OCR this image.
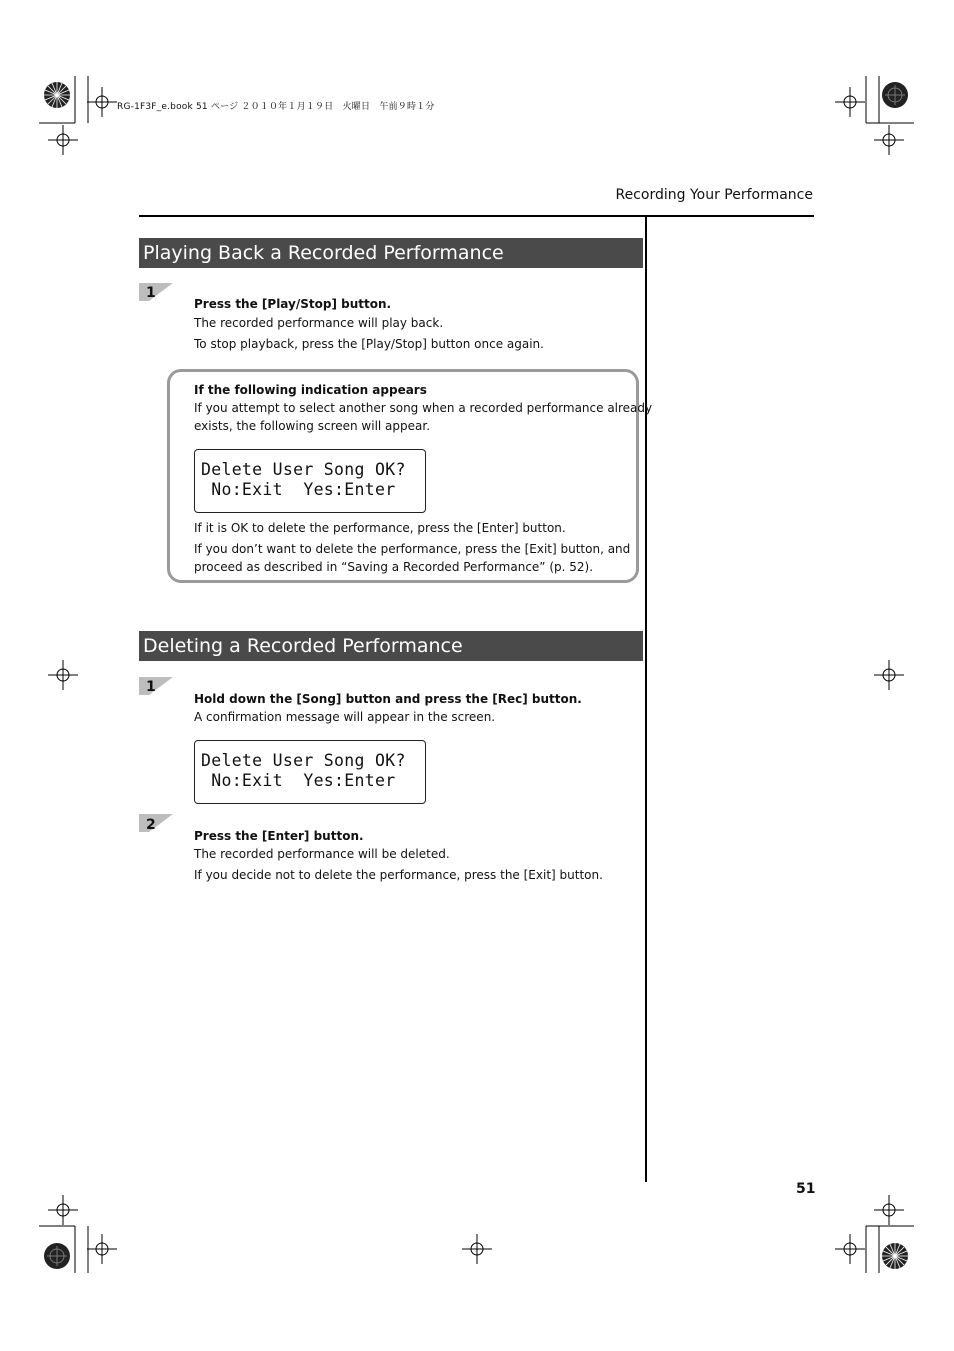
RG-1F3F_e.book 51 ページ ２０１０年１月１９日　火曜日　午前９時１分
Recording Your Performance
Playing Back a Recorded Performance
1
Press the [Play/Stop] button.
The recorded performance will play back.
To stop playback, press the [Play/Stop] button once again.
If the following indication appears
If you attempt to select another song when a recorded performance already
exists, the following screen will appear.
Delete User Song OK?
No:Exit  Yes:Enter
If it is OK to delete the performance, press the [Enter] button.
If you don’t want to delete the performance, press the [Exit] button, and
proceed as described in “Saving a Recorded Performance” (p. 52).
Deleting a Recorded Performance
1
Hold down the [Song] button and press the [Rec] button.
A confirmation message will appear in the screen.
Delete User Song OK?
No:Exit  Yes:Enter
2
Press the [Enter] button.
The recorded performance will be deleted.
If you decide not to delete the performance, press the [Exit] button.
51
